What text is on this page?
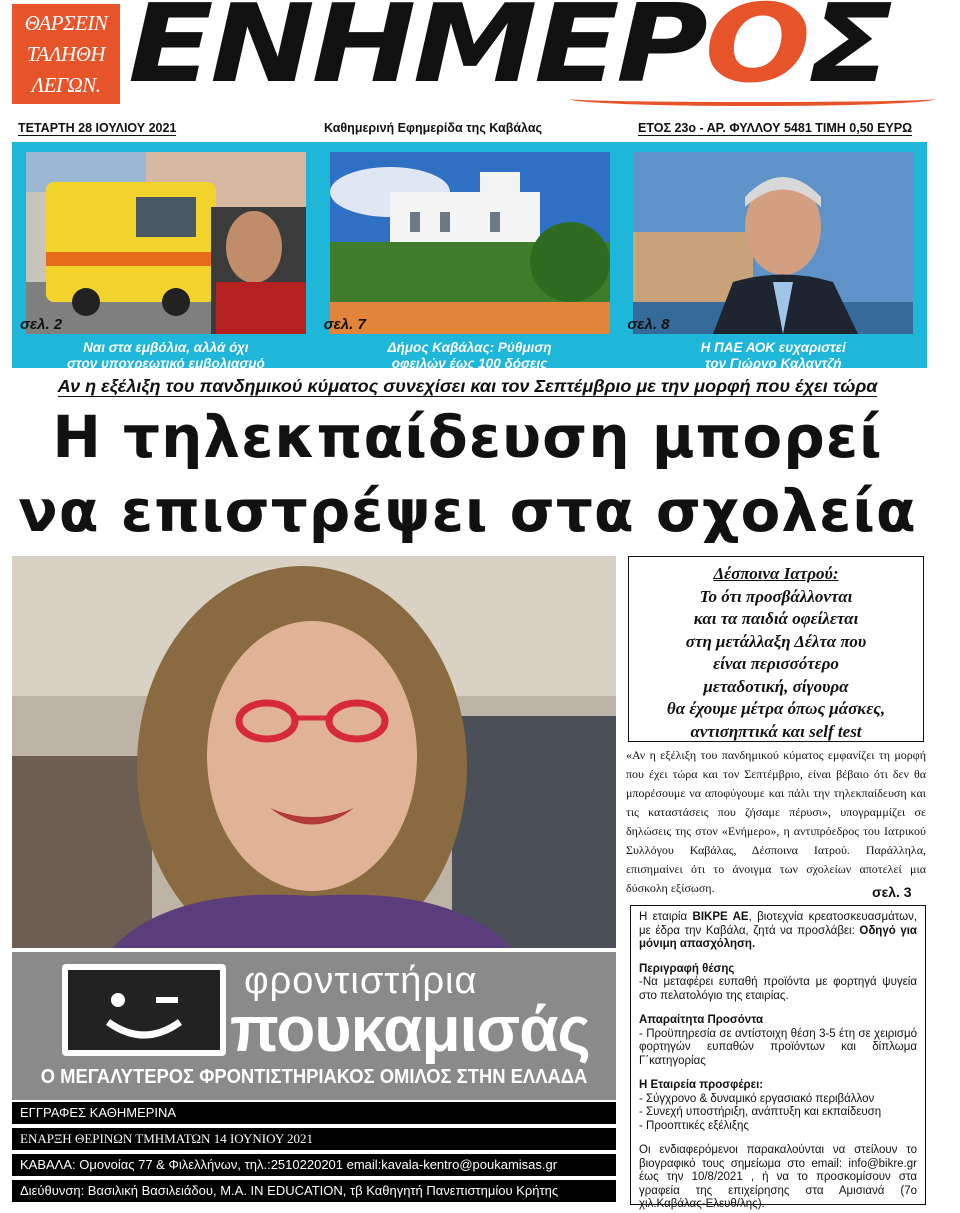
ΘΑΡΣΕΙΝ
ΤΑΛΗΘΗ
ΛΕΓΩΝ. ΕΝΗΜΕΡΟΣ
ΤΕΤΑΡΤΗ 28 ΙΟΥΛΙΟΥ 2021	Καθημερινή Εφημερίδα της Καβάλας	ΕΤΟΣ 23ο - ΑΡ. ΦΥΛΛΟΥ 5481 ΤΙΜΗ 0,50 ΕΥΡΩ
σελ. 2
Ναι στα εμβόλια, αλλά όχι
στον υποχρεωτικό εμβολιασμό
σελ. 7
Δήμος Καβάλας: Ρύθμιση
οφειλών έως 100 δόσεις
σελ. 8
Η ΠΑΕ ΑΟΚ ευχαριστεί
τον Γιώργο Καλαντζή
Αν η εξέλιξη του πανδημικού κύματος συνεχίσει και τον Σεπτέμβριο με την μορφή που έχει τώρα
Η τηλεκπαίδευση μπορεί
να επιστρέψει στα σχολεία
φροντιστήρια
πουκαμισάς
Ο ΜΕΓΑΛΥΤΕΡΟΣ ΦΡΟΝΤΙΣΤΗΡΙΑΚΟΣ ΟΜΙΛΟΣ ΣΤΗΝ ΕΛΛΑΔΑ
ΕΓΓΡΑΦΕΣ ΚΑΘΗΜΕΡΙΝΑ
ΕΝΑΡΞΗ ΘΕΡΙΝΩΝ ΤΜΗΜΑΤΩΝ 14 ΙΟΥΝΙΟΥ 2021
ΚΑΒΑΛΑ: Ομονοίας 77 & Φιλελλήνων, τηλ.:2510220201 email:kavala-kentro@poukamisas.gr
Διεύθυνση: Βασιλική Βασιλειάδου, Μ.Α. IN EDUCATION, τβ Καθηγητή Πανεπιστημίου Κρήτης
Δέσποινα Ιατρού:
Το ότι προσβάλλονται
και τα παιδιά οφείλεται
στη μετάλλαξη Δέλτα που
είναι περισσότερο
μεταδοτική, σίγουρα
θα έχουμε μέτρα όπως μάσκες,
αντισηπτικά και self test
«Αν η εξέλιξη του πανδημικού κύματος εμφανίζει τη μορφή που έχει τώρα και τον Σεπτέμβριο, είναι βέβαιο ότι δεν θα μπορέσουμε να αποφύγουμε και πάλι την τηλεκπαίδευση και τις καταστάσεις που ζήσαμε πέρυσι», υπογραμμίζει σε δηλώσεις της στον «Ενήμερο», η αντιπρόεδρος του Ιατρικού Συλλόγου Καβάλας, Δέσποινα Ιατρού. Παράλληλα, επισημαίνει ότι το άνοιγμα των σχολείων αποτελεί μια δύσκολη εξίσωση.	σελ. 3

Η εταιρία ΒΙΚΡΕ ΑΕ, βιοτεχνία κρεατοσκευασμάτων, με έδρα την Καβάλα, ζητά να προσλάβει: Οδηγό για μόνιμη απασχόληση.

Περιγραφή θέσης
-Να μεταφέρει ευπαθή προϊόντα με φορτηγά ψυγεία στο πελατολόγιο της εταιρίας.

Απαραίτητα Προσόντα
- Προϋπηρεσία σε αντίστοιχη θέση 3-5 έτη σε χειρισμό φορτηγών ευπαθών προϊόντων και δίπλωμα Γ΄κατηγορίας

Η Εταιρεία προσφέρει:
- Σύγχρονο & δυναμικό εργασιακό περιβάλλον
- Συνεχή υποστήριξη, ανάπτυξη και εκπαίδευση
- Προοπτικές εξέλιξης

Οι ενδιαφερόμενοι παρακαλούνται να στείλουν το βιογραφικό τους σημείωμα στο email: info@bikre.gr έως την 10/8/2021 , ή να το προσκομίσουν στα γραφεία της επιχείρησης στα Αμισιανά (7ο χιλ.Καβάλας-Ελευθ/λης).
